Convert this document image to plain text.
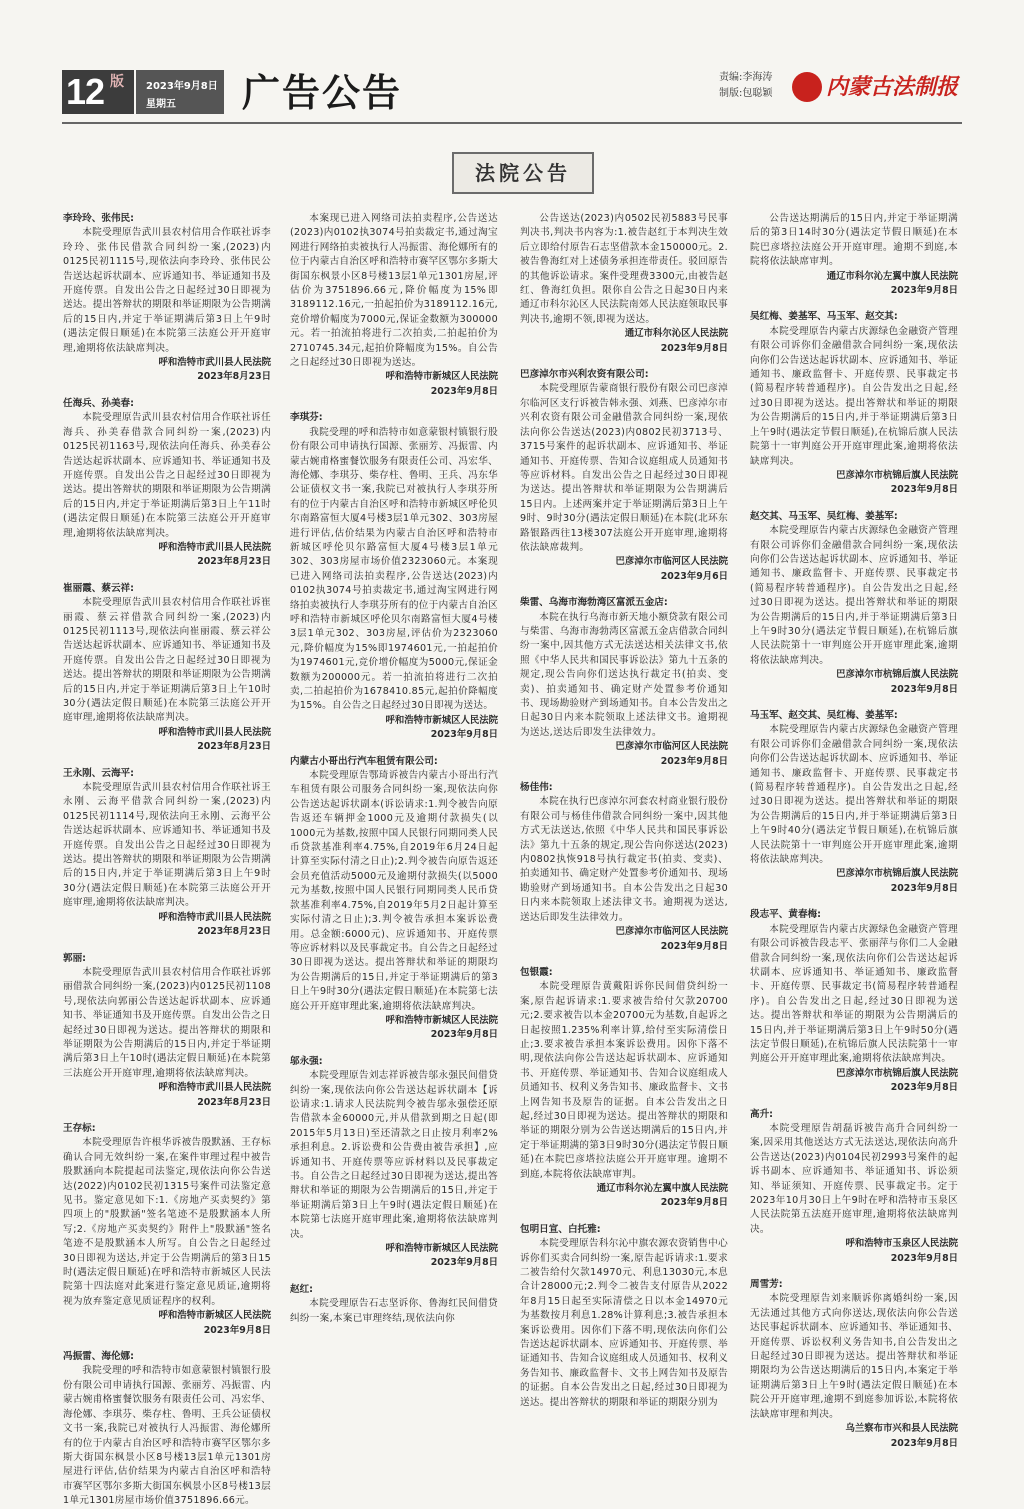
12 版 2023年9月8日
星期五 广告公告	责编:李海涛
制版:包聪颖 内蒙古法制报
法院公告

李玲玲、张伟民:

本院受理原告武川县农村信用合作联社诉李玲玲、张伟民借款合同纠纷一案,(2023)内0125民初1115号,现依法向李玲玲、张伟民公告送达起诉状副本、应诉通知书、举证通知书及开庭传票。自发出公告之日起经过30日即视为送达。提出答辩状的期限和举证期限为公告期满后的15日内,并定于举证期满后第3日上午9时(遇法定假日顺延)在本院第三法庭公开开庭审理,逾期将依法缺席判决。

呼和浩特市武川县人民法院

2023年8月23日

任海兵、孙美春:

本院受理原告武川县农村信用合作联社诉任海兵、孙美春借款合同纠纷一案,(2023)内0125民初1163号,现依法向任海兵、孙美春公告送达起诉状副本、应诉通知书、举证通知书及开庭传票。自发出公告之日起经过30日即视为送达。提出答辩状的期限和举证期限为公告期满后的15日内,并定于举证期满后第3日上午11时(遇法定假日顺延)在本院第三法庭公开开庭审理,逾期将依法缺席判决。

呼和浩特市武川县人民法院

2023年8月23日

崔丽霞、蔡云祥:

本院受理原告武川县农村信用合作联社诉崔丽霞、蔡云祥借款合同纠纷一案,(2023)内0125民初1113号,现依法向崔丽霞、蔡云祥公告送达起诉状副本、应诉通知书、举证通知书及开庭传票。自发出公告之日起经过30日即视为送达。提出答辩状的期限和举证期限为公告期满后的15日内,并定于举证期满后第3日上午10时30分(遇法定假日顺延)在本院第三法庭公开开庭审理,逾期将依法缺席判决。

呼和浩特市武川县人民法院

2023年8月23日

王永刚、云海平:

本院受理原告武川县农村信用合作联社诉王永刚、云海平借款合同纠纷一案,(2023)内0125民初1114号,现依法向王永刚、云海平公告送达起诉状副本、应诉通知书、举证通知书及开庭传票。自发出公告之日起经过30日即视为送达。提出答辩状的期限和举证期限为公告期满后的15日内,并定于举证期满后第3日上午9时30分(遇法定假日顺延)在本院第三法庭公开开庭审理,逾期将依法缺席判决。

呼和浩特市武川县人民法院

2023年8月23日

郭丽:

本院受理原告武川县农村信用合作联社诉郭丽借款合同纠纷一案,(2023)内0125民初1108号,现依法向郭丽公告送达起诉状副本、应诉通知书、举证通知书及开庭传票。自发出公告之日起经过30日即视为送达。提出答辩状的期限和举证期限为公告期满后的15日内,并定于举证期满后第3日上午10时(遇法定假日顺延)在本院第三法庭公开开庭审理,逾期将依法缺席判决。

呼和浩特市武川县人民法院

2023年8月23日

王存标:

本院受理原告许根华诉被告殷默涵、王存标确认合同无效纠纷一案,在案件审理过程中被告殷默涵向本院提起司法鉴定,现依法向你公告送达(2022)内0102民初1315号案件司法鉴定意见书。鉴定意见如下:1.《房地产买卖契约》第四项上的"殷默涵"签名笔迹不是殷默涵本人所写;2.《房地产买卖契约》附件上"殷默涵"签名笔迹不是殷默涵本人所写。自公告之日起经过30日即视为送达,并定于公告期满后的第3日15时(遇法定假日顺延)在呼和浩特市新城区人民法院第十四法庭对此案进行鉴定意见质证,逾期将视为放弃鉴定意见质证程序的权利。

呼和浩特市新城区人民法院

2023年9月8日

冯振雷、海伦娜:

我院受理的呼和浩特市如意蒙银村镇银行股份有限公司申请执行国源、张丽芳、冯振雷、内蒙古婉甫格蜜餐饮服务有限责任公司、冯宏华、海伦娜、李琪芬、柴存柱、鲁明、王兵公证债权文书一案,我院已对被执行人冯振雷、海伦娜所有的位于内蒙古自治区呼和浩特市赛罕区鄂尔多斯大街国东枫景小区8号楼13层1单元1301房屋进行评估,估价结果为内蒙古自治区呼和浩特市赛罕区鄂尔多斯大街国东枫景小区8号楼13层1单元1301房屋市场价值3751896.66元。

本案现已进入网络司法拍卖程序,公告送达(2023)内0102执3074号拍卖裁定书,通过淘宝网进行网络拍卖被执行人冯振雷、海伦娜所有的位于内蒙古自治区呼和浩特市赛罕区鄂尔多斯大街国东枫景小区8号楼13层1单元1301房屋,评估价为3751896.66元,降价幅度为15%即3189112.16元,一拍起拍价为3189112.16元,竞价增价幅度为7000元,保证金数额为300000元。若一拍流拍将进行二次拍卖,二拍起拍价为2710745.34元,起拍价降幅度为15%。自公告之日起经过30日即视为送达。

呼和浩特市新城区人民法院

2023年9月8日

李琪芬:

我院受理的呼和浩特市如意蒙银村镇银行股份有限公司申请执行国源、张丽芳、冯振雷、内蒙古婉甫格蜜餐饮服务有限责任公司、冯宏华、海伦娜、李琪芬、柴存柱、鲁明、王兵、冯东华公证债权文书一案,我院已对被执行人李琪芬所有的位于内蒙古自治区呼和浩特市新城区呼伦贝尔南路富恒大厦4号楼3层1单元302、303房屋进行评估,估价结果为内蒙古自治区呼和浩特市新城区呼伦贝尔路富恒大厦4号楼3层1单元302、303房屋市场价值2323060元。本案现已进入网络司法拍卖程序,公告送达(2023)内0102执3074号拍卖裁定书,通过淘宝网进行网络拍卖被执行人李琪芬所有的位于内蒙古自治区呼和浩特市新城区呼伦贝尔南路富恒大厦4号楼3层1单元302、303房屋,评估价为2323060元,降价幅度为15%即1974601元,一拍起拍价为1974601元,竞价增价幅度为5000元,保证金数额为200000元。若一拍流拍将进行二次拍卖,二拍起拍价为1678410.85元,起拍价降幅度为15%。自公告之日起经过30日即视为送达。

呼和浩特市新城区人民法院

2023年9月8日

内蒙古小哥出行汽车租赁有限公司:

本院受理原告鄂琦诉被告内蒙古小哥出行汽车租赁有限公司服务合同纠纷一案,现依法向你公告送达起诉状副本(诉讼请求:1.判令被告向原告返还车辆押金1000元及逾期付款损失(以1000元为基数,按照中国人民银行同期同类人民币贷款基准利率4.75%,自2019年6月24日起计算至实际付清之日止);2.判令被告向原告返还会员充值活动5000元及逾期付款损失(以5000元为基数,按照中国人民银行同期同类人民币贷款基准利率4.75%,自2019年5月2日起计算至实际付清之日止);3.判令被告承担本案诉讼费用。总金额:6000元)、应诉通知书、开庭传票等应诉材料以及民事裁定书。自公告之日起经过30日即视为送达。提出答辩状和举证的期限均为公告期满后的15日,并定于举证期满后的第3日上午9时30分(遇法定假日顺延)在本院第七法庭公开开庭审理此案,逾期将依法缺席判决。

呼和浩特市新城区人民法院

2023年9月8日

邬永强:

本院受理原告刘志祥诉被告邬永强民间借贷纠纷一案,现依法向你公告送达起诉状副本【诉讼请求:1.请求人民法院判令被告邬永强偿还原告借款本金60000元,并从借款到期之日起(即2015年5月13日)至还清款之日止按月利率2%承担利息。2.诉讼费和公告费由被告承担】,应诉通知书、开庭传票等应诉材料以及民事裁定书。自公告之日起经过30日即视为送达,提出答辩状和举证的期限为公告期满后的15日,并定于举证期满后第3日上午9时(遇法定假日顺延)在本院第七法庭开庭审理此案,逾期将依法缺席判决。

呼和浩特市新城区人民法院

2023年9月8日

赵红:

本院受理原告石志坚诉你、鲁海红民间借贷纠纷一案,本案已审理终结,现依法向你

公告送达(2023)内0502民初5883号民事判决书,判决书内容为:1.被告赵红于本判决生效后立即给付原告石志坚借款本金150000元。2.被告鲁海红对上述债务承担连带责任。驳回原告的其他诉讼请求。案件受理费3300元,由被告赵红、鲁海红负担。限你自公告之日起30日内来通辽市科尔沁区人民法院南郊人民法庭领取民事判决书,逾期不领,即视为送达。

通辽市科尔沁区人民法院

2023年9月8日

巴彦淖尔市兴利农资有限公司:

本院受理原告蒙商银行股份有限公司巴彦淖尔临河区支行诉被告韩永强、刘燕、巴彦淖尔市兴利农资有限公司金融借款合同纠纷一案,现依法向你公告送达(2023)内0802民初3713号、3715号案件的起诉状副本、应诉通知书、举证通知书、开庭传票、告知合议庭组成人员通知书等应诉材料。自发出公告之日起经过30日即视为送达。提出答辩状和举证期限为公告期满后15日内。上述两案并定于举证期满后第3日上午9时、9时30分(遇法定假日顺延)在本院(北环东路银路西往13楼307法庭公开开庭审理,逾期将依法缺席裁判。

巴彦淖尔市临河区人民法院

2023年9月6日

柴雷、乌海市海勃湾区富派五金店:

本院在执行乌海市新天地小额贷款有限公司与柴雷、乌海市海勃湾区富派五金店借款合同纠纷一案中,因其他方式无法送达相关法律文书,依照《中华人民共和国民事诉讼法》第九十五条的规定,现公告向你们送达执行裁定书(拍卖、变卖)、拍卖通知书、确定财产处置参考价通知书、现场勘验财产到场通知书。自本公告发出之日起30日内来本院领取上述法律文书。逾期视为送达,送达后即发生法律效力。

巴彦淖尔市临河区人民法院

2023年9月8日

杨佳伟:

本院在执行巴彦淖尔河套农村商业银行股份有限公司与杨佳伟借款合同纠纷一案中,因其他方式无法送达,依照《中华人民共和国民事诉讼法》第九十五条的规定,现公告向你送达(2023)内0802执恢918号执行裁定书(拍卖、变卖)、拍卖通知书、确定财产处置参考价通知书、现场勘验财产到场通知书。自本公告发出之日起30日内来本院领取上述法律文书。逾期视为送达,送达后即发生法律效力。

巴彦淖尔市临河区人民法院

2023年9月8日

包银霞:

本院受理原告黄戴阳诉你民间借贷纠纷一案,原告起诉请求:1.要求被告给付欠款20700元;2.要求被告以本金20700元为基数,自起诉之日起按照1.235%利率计算,给付至实际清偿日止;3.要求被告承担本案诉讼费用。因你下落不明,现依法向你公告送达起诉状副本、应诉通知书、开庭传票、举证通知书、告知合议庭组成人员通知书、权利义务告知书、廉政监督卡、文书上网告知书及原告的证据。自本公告发出之日起,经过30日即视为送达。提出答辩状的期限和举证的期限分别为公告送达期满后的15日内,并定于举证期满的第3日9时30分(遇法定节假日顺延)在本院巴彦塔拉法庭公开开庭审理。逾期不到庭,本院将依法缺席审判。

通辽市科尔沁左翼中旗人民法院

2023年9月8日

包明日宣、白托雅:

本院受理原告科尔沁中旗农源农资销售中心诉你们买卖合同纠纷一案,原告起诉请求:1.要求二被告给付欠款14970元、利息13030元,本息合计28000元;2.判令二被告支付原告从2022年8月15日起至实际清偿之日以本金14970元为基数按月利息1.28%计算利息;3.被告承担本案诉讼费用。因你们下落不明,现依法向你们公告送达起诉状副本、应诉通知书、开庭传票、举证通知书、告知合议庭组成人员通知书、权利义务告知书、廉政监督卡、文书上网告知书及原告的证据。自本公告发出之日起,经过30日即视为送达。提出答辩状的期限和举证的期限分别为

公告送达期满后的15日内,并定于举证期满后的第3日14时30分(遇法定节假日顺延)在本院巴彦塔拉法庭公开开庭审理。逾期不到庭,本院将依法缺席审判。

通辽市科尔沁左翼中旗人民法院

2023年9月8日

吴红梅、姜基军、马玉军、赵交其:

本院受理原告内蒙古庆源绿色金融资产管理有限公司诉你们金融借款合同纠纷一案,现依法向你们公告送达起诉状副本、应诉通知书、举证通知书、廉政监督卡、开庭传票、民事裁定书(简易程序转普通程序)。自公告发出之日起,经过30日即视为送达。提出答辩状和举证的期限为公告期满后的15日内,并于举证期满后第3日上午9时(遇法定节假日顺延),在杭锦后旗人民法院第十一审判庭公开开庭审理此案,逾期将依法缺席判决。

巴彦淖尔市杭锦后旗人民法院

2023年9月8日

赵交其、马玉军、吴红梅、姜基军:

本院受理原告内蒙古庆源绿色金融资产管理有限公司诉你们金融借款合同纠纷一案,现依法向你们公告送达起诉状副本、应诉通知书、举证通知书、廉政监督卡、开庭传票、民事裁定书(简易程序转普通程序)。自公告发出之日起,经过30日即视为送达。提出答辩状和举证的期限为公告期满后的15日内,并于举证期满后第3日上午9时30分(遇法定节假日顺延),在杭锦后旗人民法院第十一审判庭公开开庭审理此案,逾期将依法缺席判决。

巴彦淖尔市杭锦后旗人民法院

2023年9月8日

马玉军、赵交其、吴红梅、姜基军:

本院受理原告内蒙古庆源绿色金融资产管理有限公司诉你们金融借款合同纠纷一案,现依法向你们公告送达起诉状副本、应诉通知书、举证通知书、廉政监督卡、开庭传票、民事裁定书(简易程序转普通程序)。自公告发出之日起,经过30日即视为送达。提出答辩状和举证的期限为公告期满后的15日内,并于举证期满后第3日上午9时40分(遇法定节假日顺延),在杭锦后旗人民法院第十一审判庭公开开庭审理此案,逾期将依法缺席判决。

巴彦淖尔市杭锦后旗人民法院

2023年9月8日

段志平、黄春梅:

本院受理原告内蒙古庆源绿色金融资产管理有限公司诉被告段志平、张丽萍与你们二人金融借款合同纠纷一案,现依法向你们公告送达起诉状副本、应诉通知书、举证通知书、廉政监督卡、开庭传票、民事裁定书(简易程序转普通程序)。自公告发出之日起,经过30日即视为送达。提出答辩状和举证的期限为公告期满后的15日内,并于举证期满后第3日上午9时50分(遇法定节假日顺延),在杭锦后旗人民法院第十一审判庭公开开庭审理此案,逾期将依法缺席判决。

巴彦淖尔市杭锦后旗人民法院

2023年9月8日

高升:

本院受理原告胡磊诉被告高升合同纠纷一案,因采用其他送达方式无法送达,现依法向高升公告送达(2023)内0104民初2993号案件的起诉书副本、应诉通知书、举证通知书、诉讼须知、举证须知、开庭传票、民事裁定书。定于2023年10月30日上午9时在呼和浩特市玉泉区人民法院第五法庭开庭审理,逾期将依法缺席判决。

呼和浩特市玉泉区人民法院

2023年9月8日

周雪芳:

本院受理原告刘来顺诉你离婚纠纷一案,因无法通过其他方式向你送达,现依法向你公告送达民事起诉状副本、应诉通知书、举证通知书、开庭传票、诉讼权利义务告知书,自公告发出之日起经过30日即视为送达。提出答辩状和举证期限均为公告送达期满后的15日内,本案定于举证期满后第3日上午9时(遇法定假日顺延)在本院公开开庭审理,逾期不到庭参加诉讼,本院将依法缺席审理和判决。

乌兰察布市兴和县人民法院

2023年9月8日
